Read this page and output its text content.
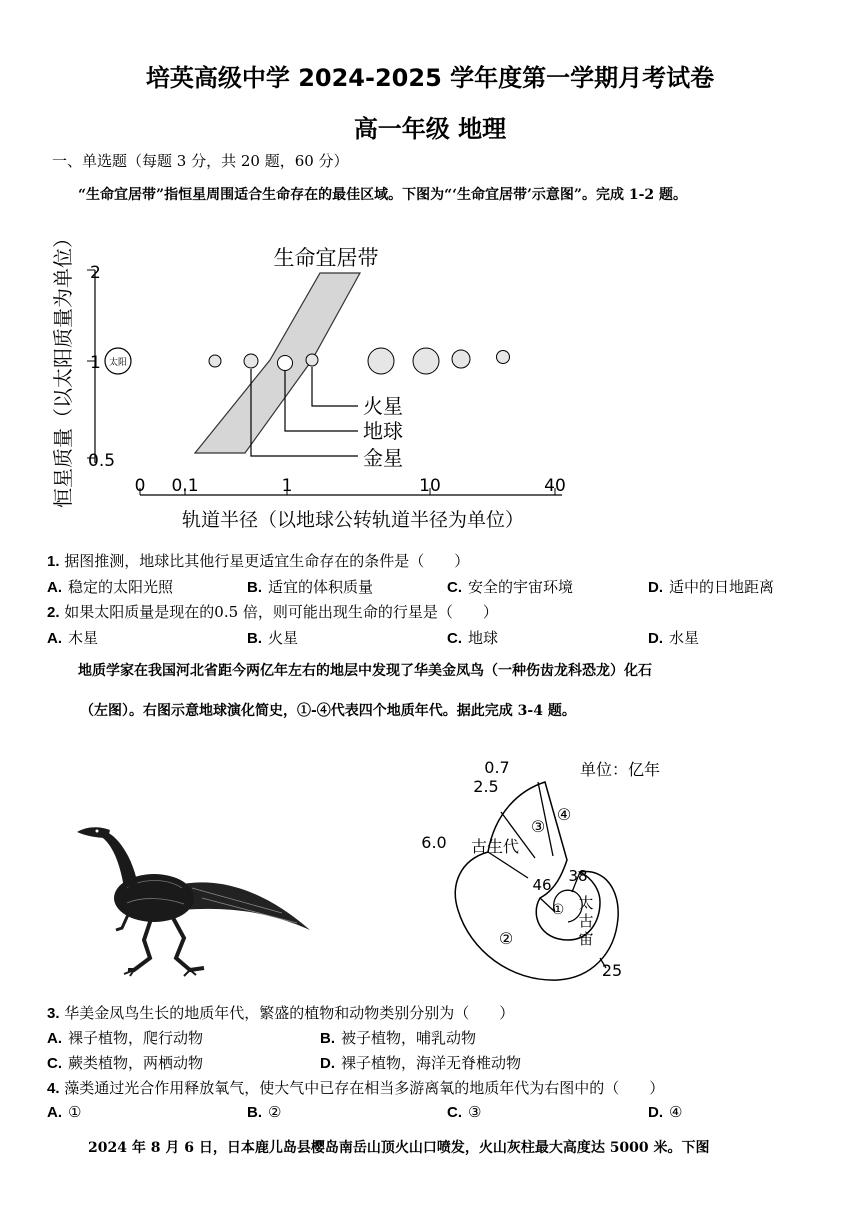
培英高级中学 2024-2025 学年度第一学期月考试卷
高一年级 地理
一、单选题（每题 3 分，共 20 题，60 分）
“生命宜居带”指恒星周围适合生命存在的最佳区域。下图为“‘生命宜居带’示意图”。完成 1-2 题。
2
1
0.5
恒星质量（以太阳质量为单位）	生命宜居带
太阳
火星
地球
金星
0 0.1	1	10	40
轨道半径（以地球公转轨道半径为单位）
1. 据图推测，地球比其他行星更适宜生命存在的条件是（　　）
A. 稳定的太阳光照	B. 适宜的体积质量	C. 安全的宇宙环境	D. 适中的日地距离
2. 如果太阳质量是现在的0.5 倍，则可能出现生命的行星是（　　）
A. 木星	B. 火星	C. 地球	D. 水星
地质学家在我国河北省距今两亿年左右的地层中发现了华美金凤鸟（一种伤齿龙科恐龙）化石
（左图）。右图示意地球演化简史，①-④代表四个地质年代。据此完成 3-4 题。
0.7
2.5
6.0
46 38
25
单位：亿年
古生代
太
古
宙
①
②
③
④
3. 华美金凤鸟生长的地质年代，繁盛的植物和动物类别分别为（　　）
A. 裸子植物，爬行动物	B. 被子植物，哺乳动物
C. 蕨类植物，两栖动物	D. 裸子植物，海洋无脊椎动物
4. 藻类通过光合作用释放氧气，使大气中已存在相当多游离氧的地质年代为右图中的（　　）
A. ①	B. ②	C. ③	D. ④
2024 年 8 月 6 日，日本鹿儿岛县樱岛南岳山顶火山口喷发，火山灰柱最大高度达 5000 米。下图
